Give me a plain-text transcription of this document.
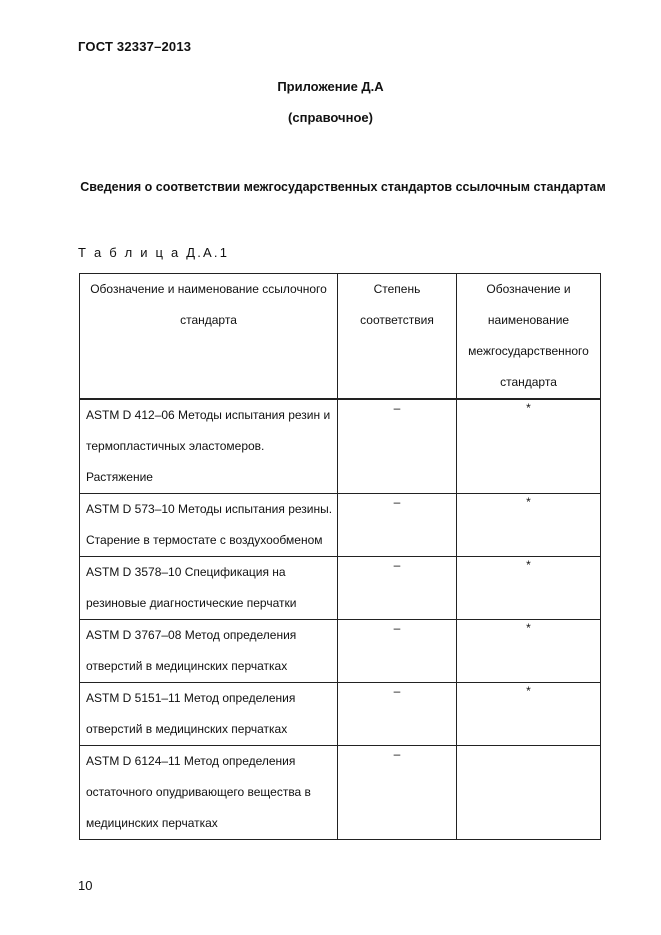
ГОСТ 32337–2013
Приложение Д.А
(справочное)
Сведения о соответствии межгосударственных стандартов ссылочным стандартам
Т а б л и ц а Д.А.1
Обозначение и наименование ссылочного стандарта	Степень соответствия	Обозначение и наименование межгосударственного стандарта
ASTM D 412–06 Методы испытания резин и термопластичных эластомеров. Растяжение	–	*
ASTM D 573–10 Методы испытания резины. Старение в термостате с воздухообменом	–	*
ASTM D 3578–10 Спецификация на резиновые диагностические перчатки	–	*
ASTM D 3767–08 Метод определения отверстий в медицинских перчатках	–	*
ASTM D 5151–11 Метод определения отверстий в медицинских перчатках	–	*
ASTM D 6124–11 Метод определения остаточного опудривающего вещества в медицинских перчатках	–	
10
